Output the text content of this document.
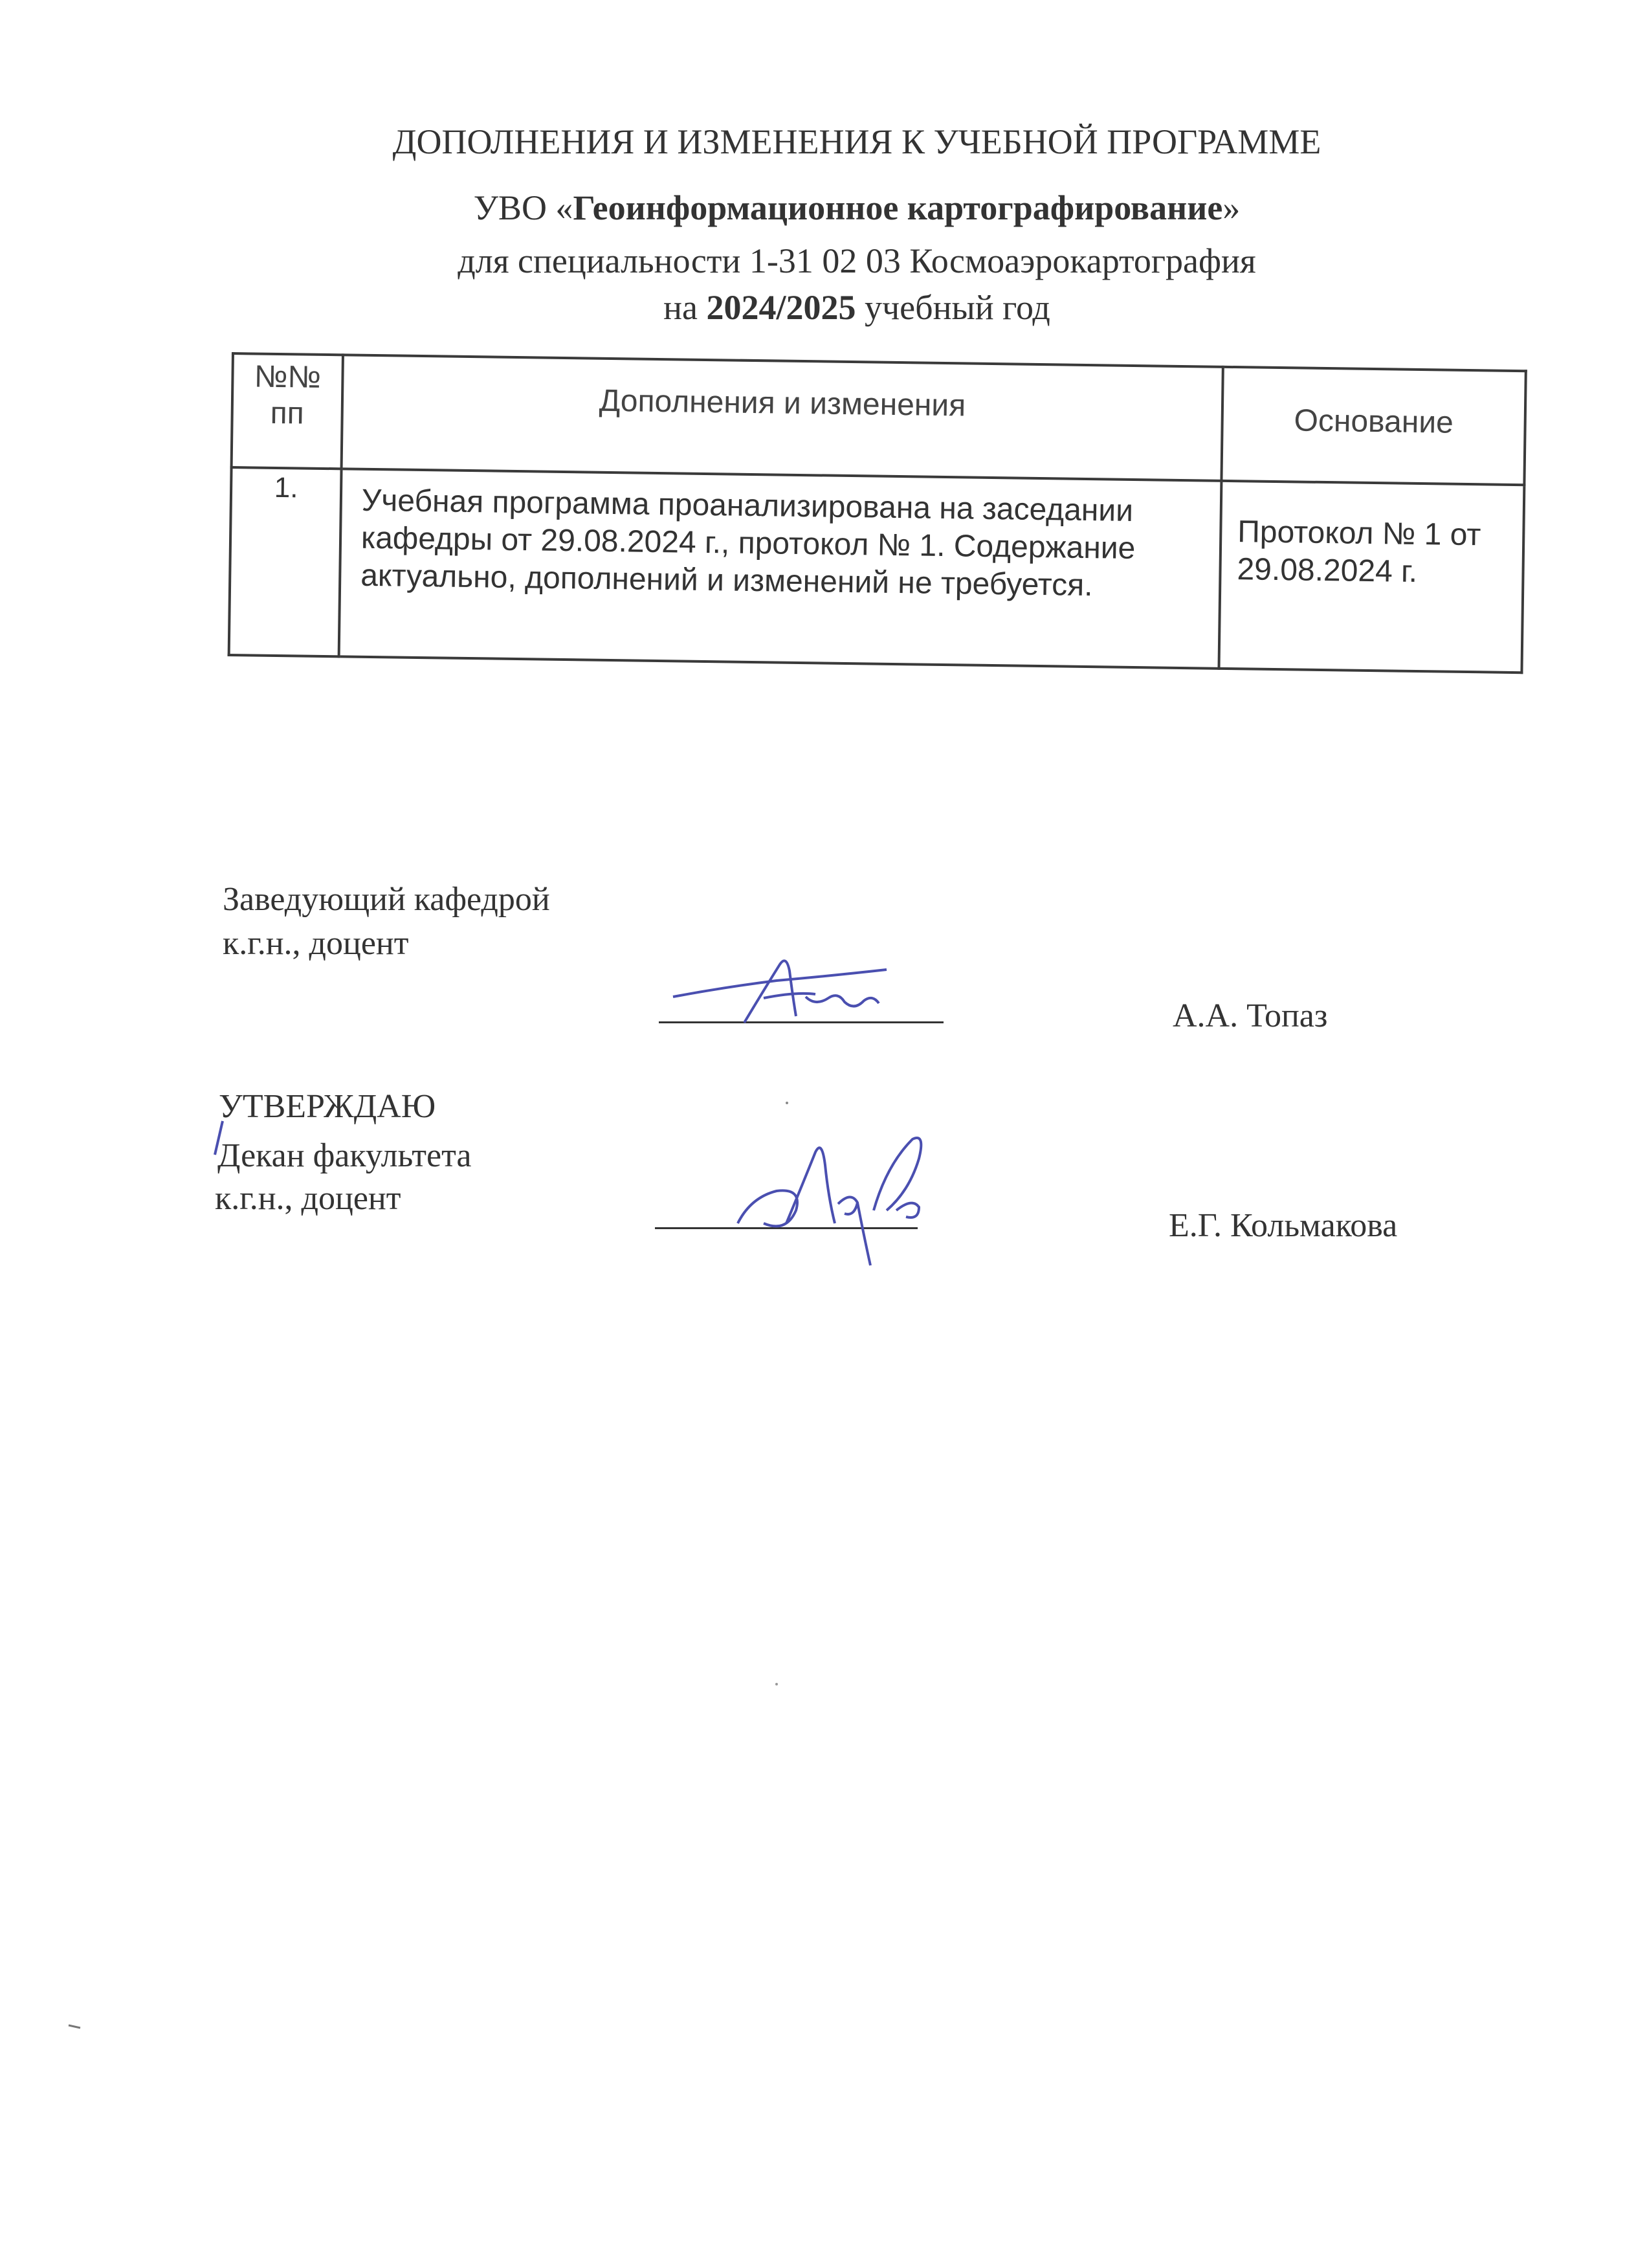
ДОПОЛНЕНИЯ И ИЗМЕНЕНИЯ К УЧЕБНОЙ ПРОГРАММЕ
УВО «Геоинформационное картографирование»
для специальности 1-31 02 03 Космоаэрокартография
на 2024/2025 учебный год
№№
пп	Дополнения и изменения	Основание
1.	Учебная программа проанализирована на заседании кафедры от 29.08.2024 г., протокол № 1. Содержание актуально, дополнений и изменений не требуется.	Протокол № 1 от 29.08.2024 г.
Заведующий кафедрой
к.г.н., доцент
А.А. Топаз
УТВЕРЖДАЮ
Декан факультета
к.г.н., доцент
Е.Г. Кольмакова
